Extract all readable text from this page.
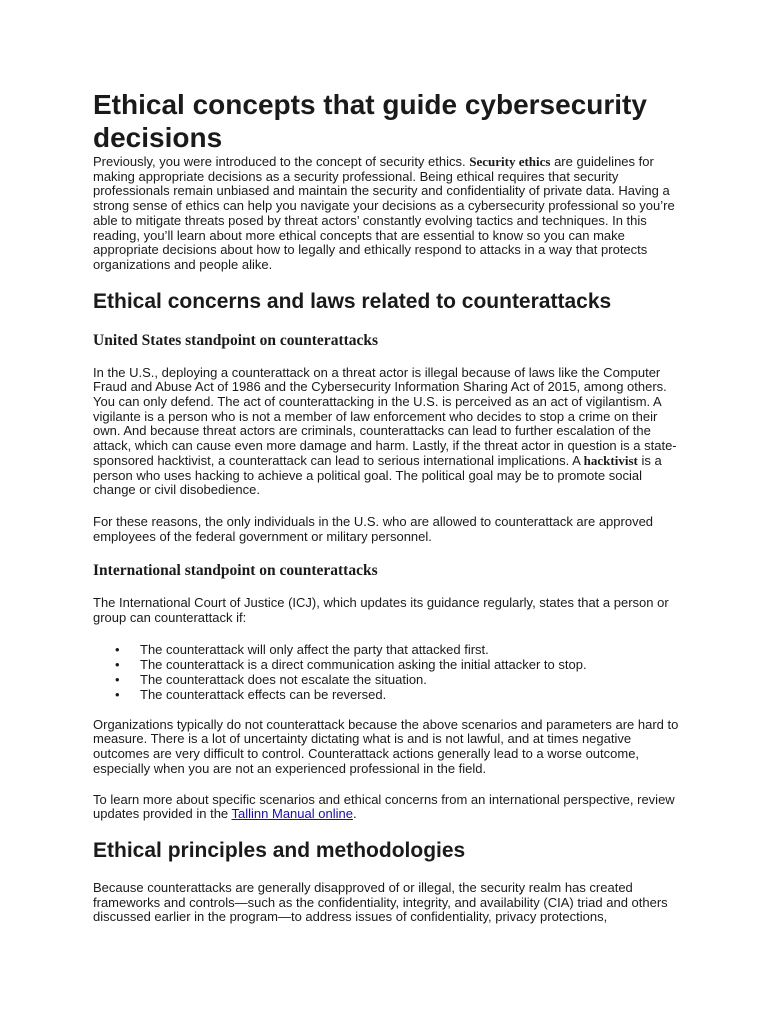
Ethical concepts that guide cybersecurity decisions

Previously, you were introduced to the concept of security ethics. Security ethics are guidelines for making appropriate decisions as a security professional. Being ethical requires that security professionals remain unbiased and maintain the security and confidentiality of private data. Having a strong sense of ethics can help you navigate your decisions as a cybersecurity professional so you’re able to mitigate threats posed by threat actors’ constantly evolving tactics and techniques. In this reading, you’ll learn about more ethical concepts that are essential to know so you can make appropriate decisions about how to legally and ethically respond to attacks in a way that protects organizations and people alike.

Ethical concerns and laws related to counterattacks
United States standpoint on counterattacks

In the U.S., deploying a counterattack on a threat actor is illegal because of laws like the Computer Fraud and Abuse Act of 1986 and the Cybersecurity Information Sharing Act of 2015, among others. You can only defend. The act of counterattacking in the U.S. is perceived as an act of vigilantism. A vigilante is a person who is not a member of law enforcement who decides to stop a crime on their own. And because threat actors are criminals, counterattacks can lead to further escalation of the attack, which can cause even more damage and harm. Lastly, if the threat actor in question is a state-sponsored hacktivist, a counterattack can lead to serious international implications. A hacktivist is a person who uses hacking to achieve a political goal. The political goal may be to promote social change or civil disobedience.

For these reasons, the only individuals in the U.S. who are allowed to counterattack are approved employees of the federal government or military personnel.

International standpoint on counterattacks

The International Court of Justice (ICJ), which updates its guidance regularly, states that a person or group can counterattack if:

• The counterattack will only affect the party that attacked first.
• The counterattack is a direct communication asking the initial attacker to stop.
• The counterattack does not escalate the situation.
• The counterattack effects can be reversed.

Organizations typically do not counterattack because the above scenarios and parameters are hard to measure. There is a lot of uncertainty dictating what is and is not lawful, and at times negative outcomes are very difficult to control. Counterattack actions generally lead to a worse outcome, especially when you are not an experienced professional in the field.

To learn more about specific scenarios and ethical concerns from an international perspective, review updates provided in the Tallinn Manual online.

Ethical principles and methodologies

Because counterattacks are generally disapproved of or illegal, the security realm has created frameworks and controls—such as the confidentiality, integrity, and availability (CIA) triad and others discussed earlier in the program—to address issues of confidentiality, privacy protections,
